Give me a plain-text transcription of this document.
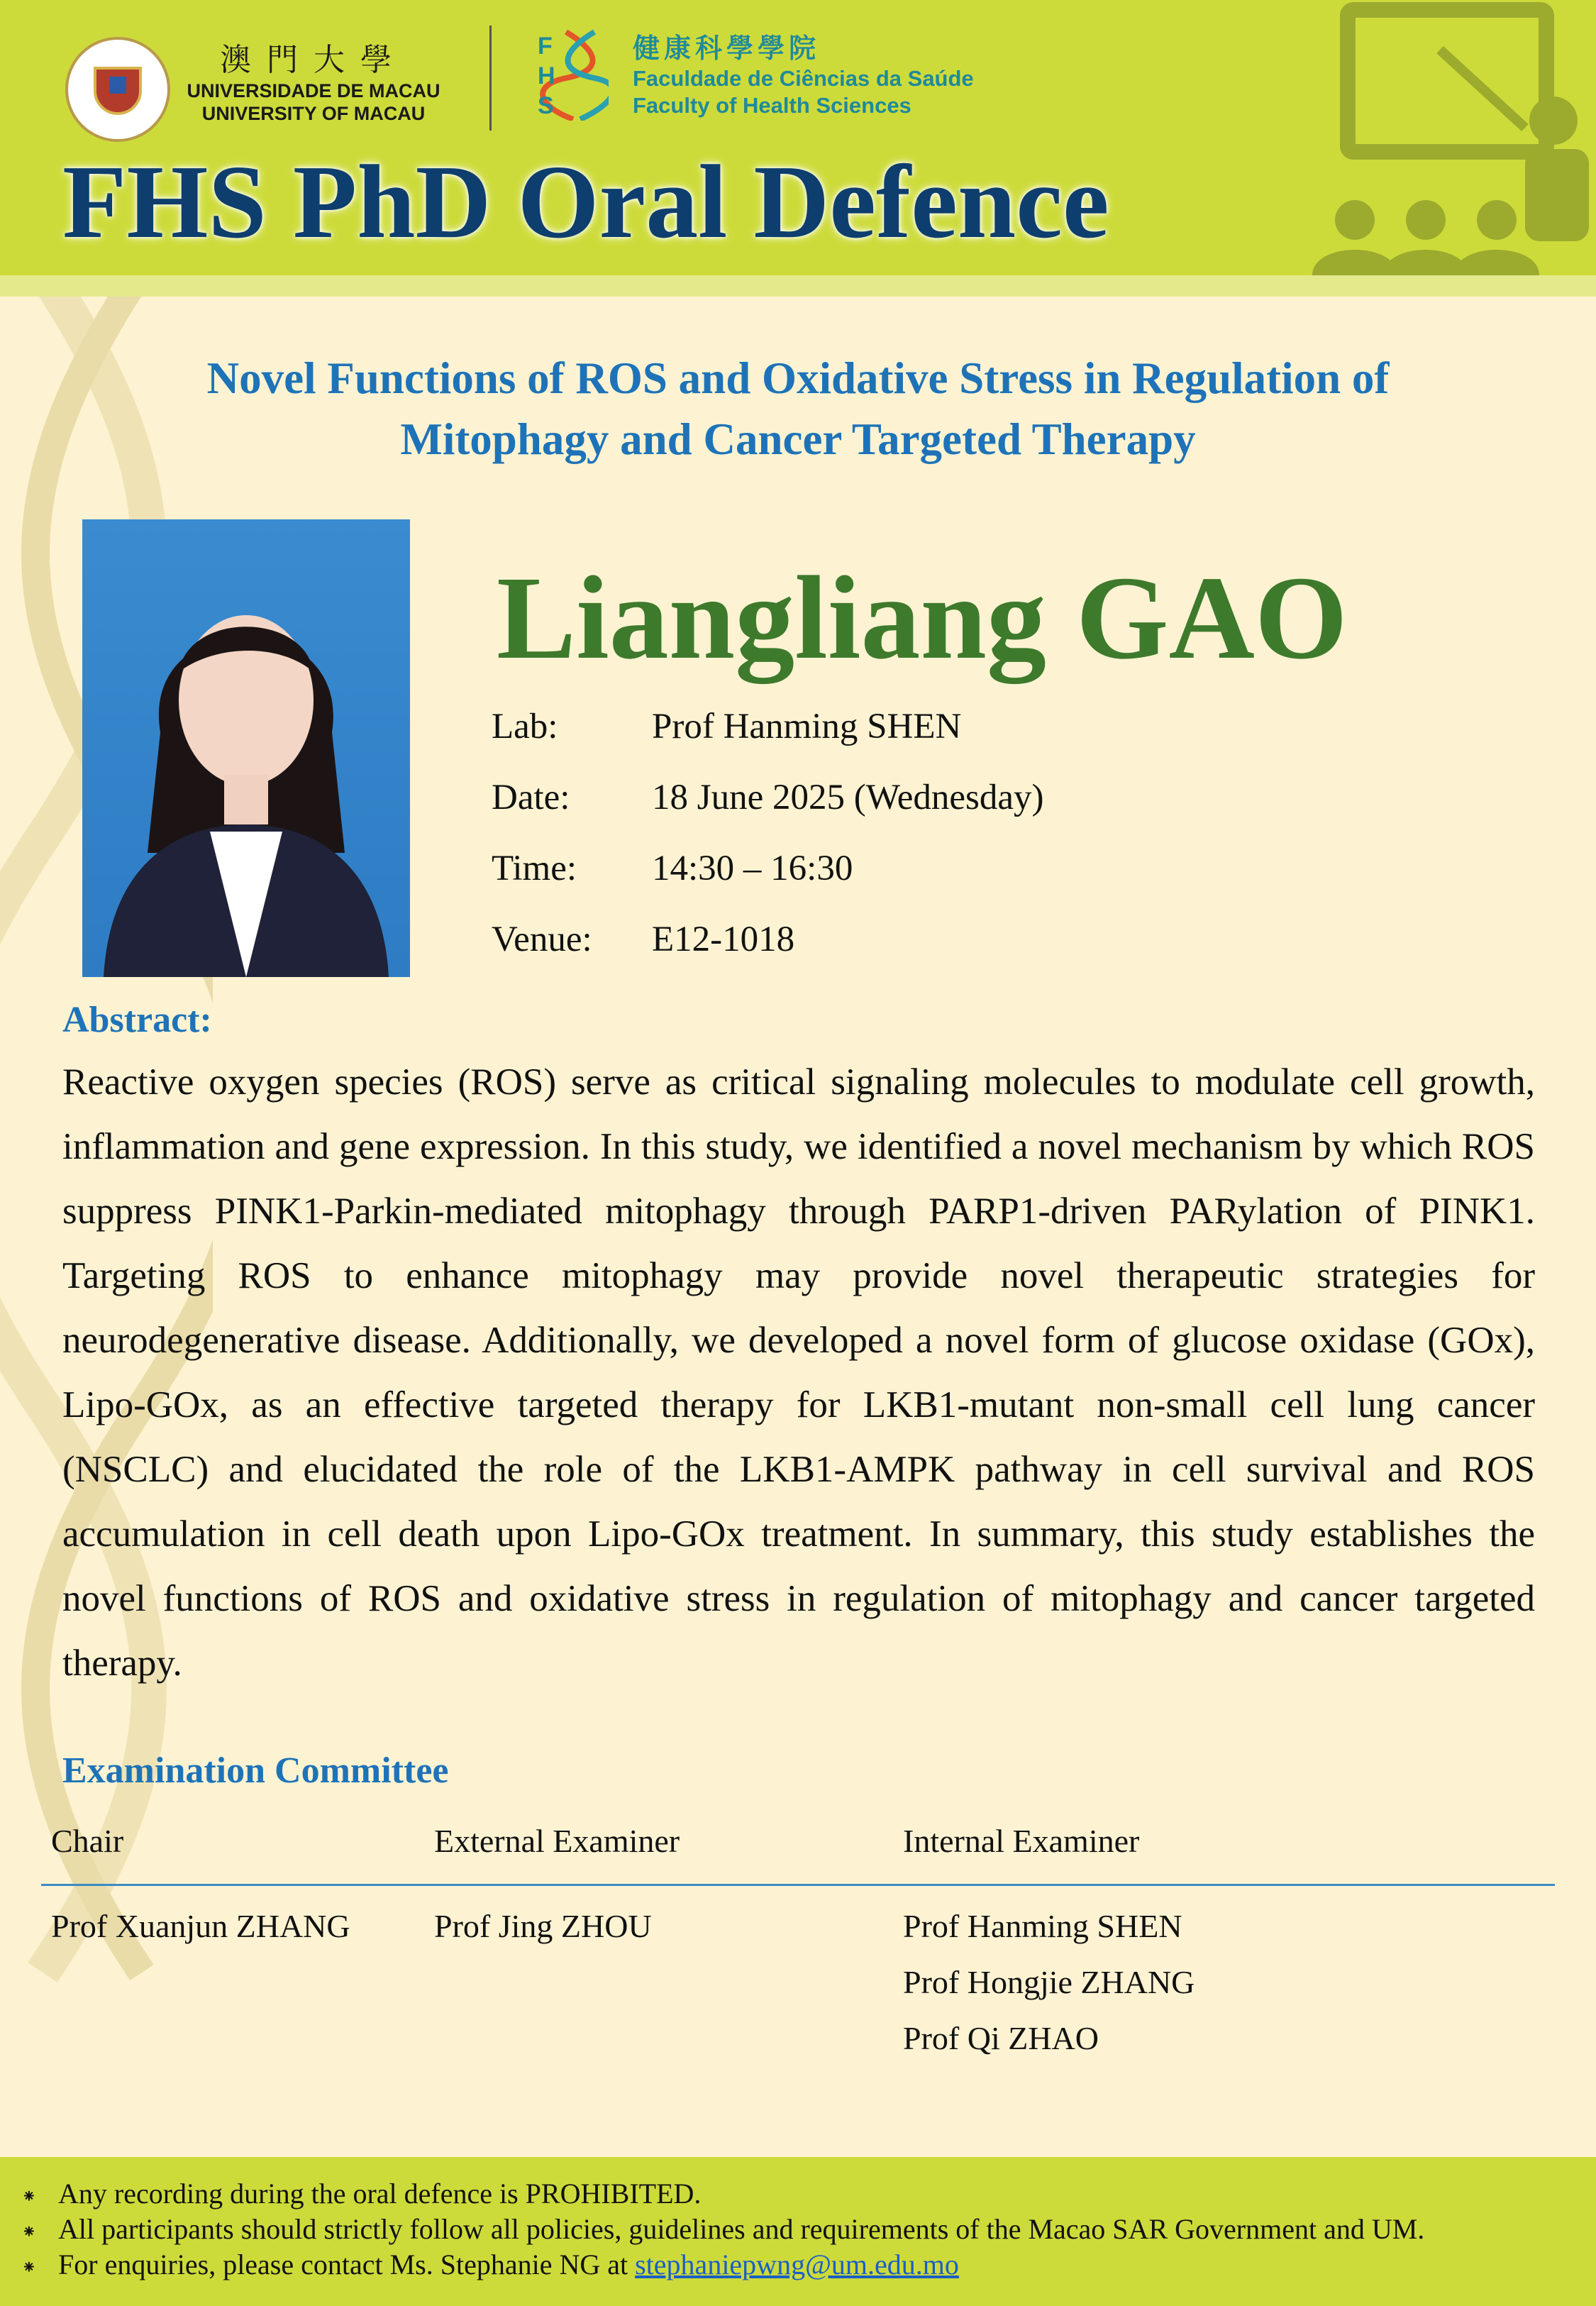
澳門大學
UNIVERSIDADE DE MACAU
UNIVERSITY OF MACAU
F
H
S
健康科學學院
Faculdade de Ciências da Saúde
Faculty of Health Sciences
FHS PhD Oral Defence
Novel Functions of ROS and Oxidative Stress in Regulation of
Mitophagy and Cancer Targeted Therapy
Liangliang GAO
Lab:	Prof Hanming SHEN
Date: 18 June 2025 (Wednesday)
Time: 14:30 – 16:30
Venue: E12-1018
Abstract:
Reactive oxygen species (ROS) serve as critical signaling molecules to modulate cell growth, inflammation and gene expression. In this study, we identified a novel mechanism by which ROS suppress PINK1-Parkin-mediated mitophagy through PARP1-driven PARylation of PINK1. Targeting ROS to enhance mitophagy may provide novel therapeutic strategies for neurodegenerative disease. Additionally, we developed a novel form of glucose oxidase (GOx), Lipo-GOx, as an effective targeted therapy for LKB1-mutant non-small cell lung cancer (NSCLC) and elucidated the role of the LKB1-AMPK pathway in cell survival and ROS accumulation in cell death upon Lipo-GOx treatment. In summary, this study establishes the novel functions of ROS and oxidative stress in regulation of mitophagy and cancer targeted therapy.
Examination Committee
Chair	External Examiner	Internal Examiner
Prof Xuanjun ZHANG	Prof Jing ZHOU	Prof Hanming SHEN
Prof Hongjie ZHANG
Prof Qi ZHAO
⁕ Any recording during the oral defence is PROHIBITED.
⁕ All participants should strictly follow all policies, guidelines and requirements of the Macao SAR Government and UM.
⁕ For enquiries, please contact Ms. Stephanie NG at stephaniepwng@um.edu.mo
